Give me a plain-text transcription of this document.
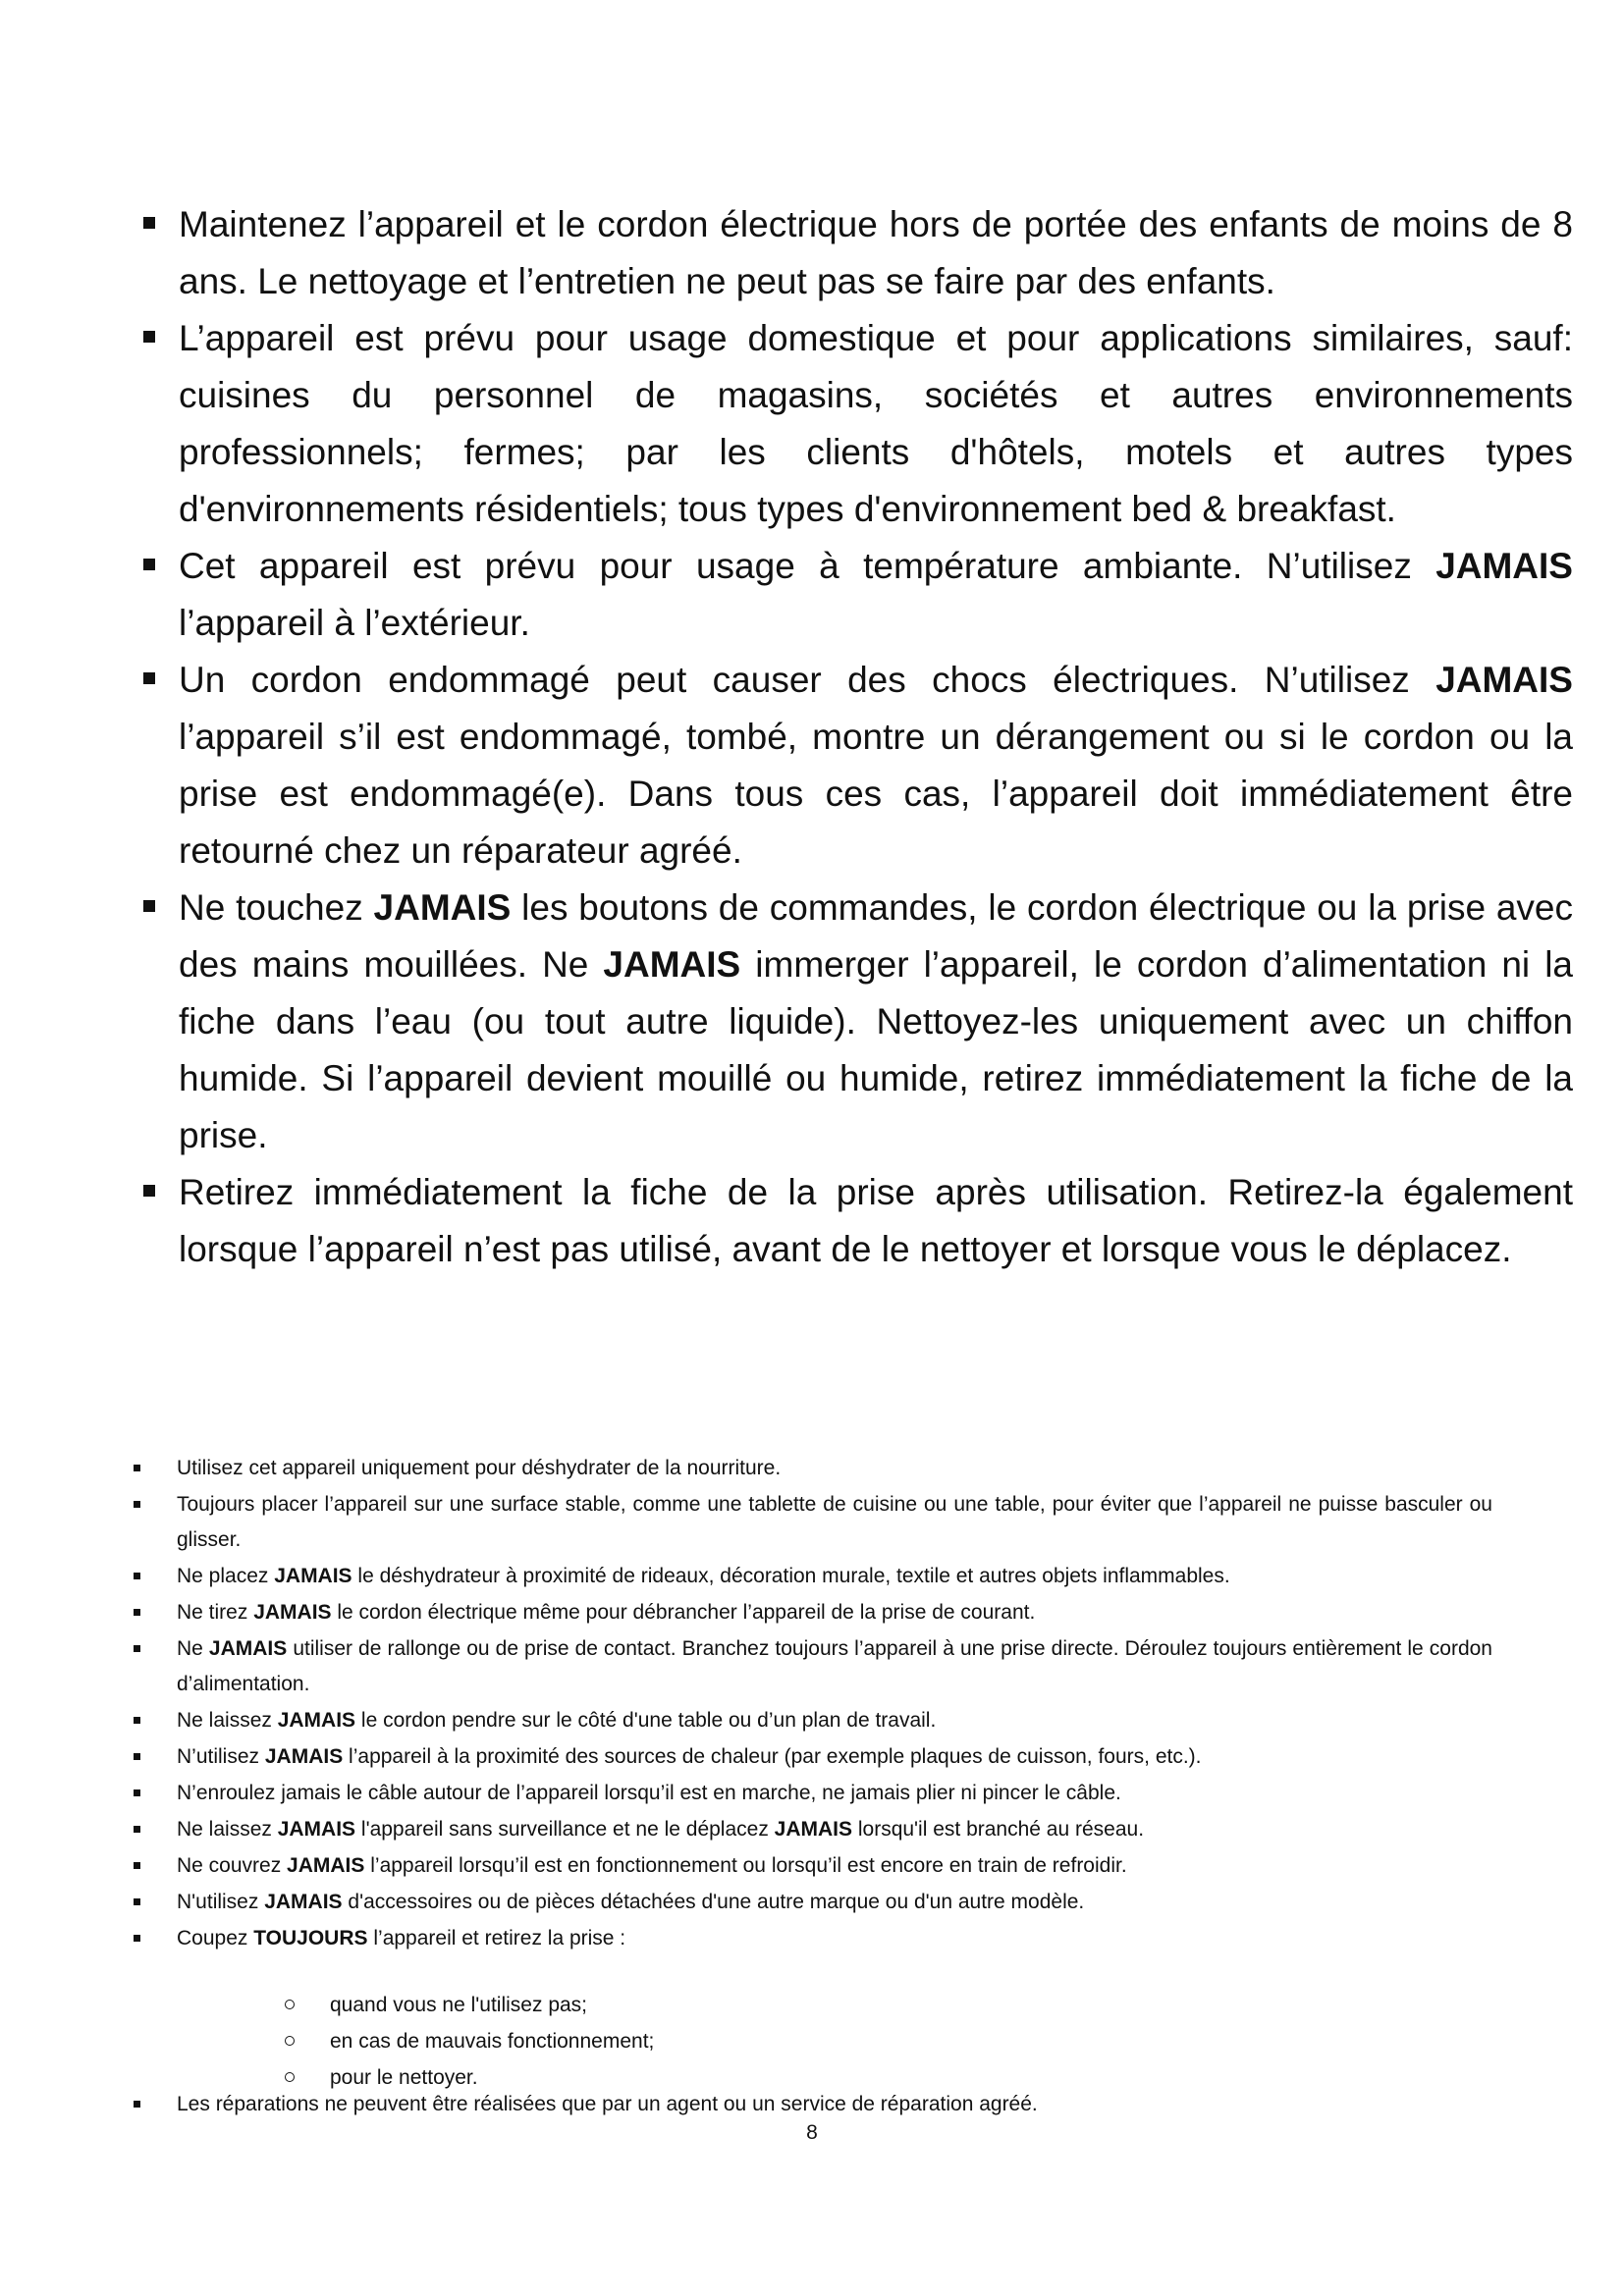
Maintenez l’appareil et le cordon électrique hors de portée des enfants de moins de 8 ans. Le nettoyage et l’entretien ne peut pas se faire par des enfants.
L’appareil est prévu pour usage domestique et pour applications similaires, sauf: cuisines du personnel de magasins, sociétés et autres environnements professionnels; fermes; par les clients d'hôtels, motels et autres types d'environnements résidentiels; tous types d'environnement bed & breakfast.
Cet appareil est prévu pour usage à température ambiante. N’utilisez JAMAIS l’appareil à l’extérieur.
Un cordon endommagé peut causer des chocs électriques. N’utilisez JAMAIS l’appareil s’il est endommagé, tombé, montre un dérangement ou si le cordon ou la prise est endommagé(e). Dans tous ces cas, l’appareil doit immédiatement être retourné chez un réparateur agréé.
Ne touchez JAMAIS les boutons de commandes, le cordon électrique ou la prise avec des mains mouillées. Ne JAMAIS immerger l’appareil, le cordon d’alimentation ni la fiche dans l’eau (ou tout autre liquide). Nettoyez-les uniquement avec un chiffon humide. Si l’appareil devient mouillé ou humide, retirez immédiatement la fiche de la prise.
Retirez immédiatement la fiche de la prise après utilisation. Retirez-la également lorsque l’appareil n’est pas utilisé, avant de le nettoyer et lorsque vous le déplacez.
Utilisez cet appareil uniquement pour déshydrater de la nourriture.
Toujours placer l’appareil sur une surface stable, comme une tablette de cuisine ou une table, pour éviter que l’appareil ne puisse basculer ou glisser.
Ne placez JAMAIS le déshydrateur à proximité de rideaux, décoration murale, textile et autres objets inflammables.
Ne tirez JAMAIS le cordon électrique même pour débrancher l’appareil de la prise de courant.
Ne JAMAIS utiliser de rallonge ou de prise de contact. Branchez toujours l’appareil à une prise directe. Déroulez toujours entièrement le cordon d’alimentation.
Ne laissez JAMAIS le cordon pendre sur le côté d'une table ou d’un plan de travail.
N’utilisez JAMAIS l’appareil à la proximité des sources de chaleur (par exemple plaques de cuisson, fours, etc.).
N’enroulez jamais le câble autour de l’appareil lorsqu’il est en marche, ne jamais plier ni pincer le câble.
Ne laissez JAMAIS l'appareil sans surveillance et ne le déplacez JAMAIS lorsqu'il est branché au réseau.
Ne couvrez JAMAIS l’appareil lorsqu’il est en fonctionnement ou lorsqu’il est encore en train de refroidir.
N'utilisez JAMAIS d'accessoires ou de pièces détachées d'une autre marque ou d'un autre modèle.
Coupez TOUJOURS l’appareil et retirez la prise :
quand vous ne l'utilisez pas;
en cas de mauvais fonctionnement;
pour le nettoyer.
Les réparations ne peuvent être réalisées que par un agent ou un service de réparation agréé.
8
